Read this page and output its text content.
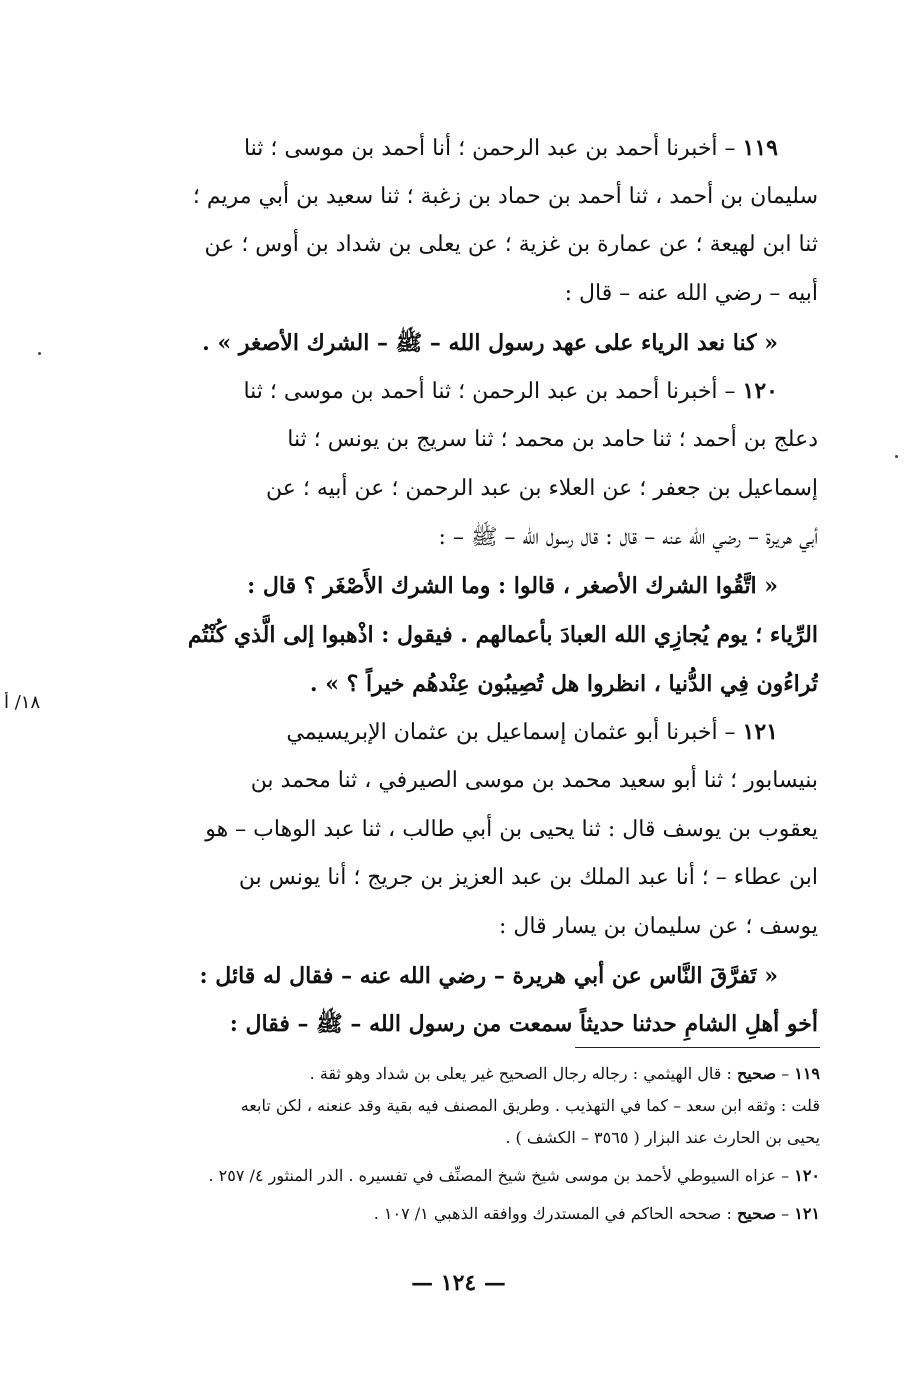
١١٩ – أخبرنا أحمد بن عبد الرحمن ؛ أنا أحمد بن موسى ؛ ثنا
سليمان بن أحمد ، ثنا أحمد بن حماد بن زغبة ؛ ثنا سعيد بن أبي مريم ؛
ثنا ابن لهيعة ؛ عن عمارة بن غزية ؛ عن يعلى بن شداد بن أوس ؛ عن
أبيه – رضي الله عنه – قال :
« كنا نعد الرياء على عهد رسول الله – ﷺ – الشرك الأصغر » .
١٢٠ – أخبرنا أحمد بن عبد الرحمن ؛ ثنا أحمد بن موسى ؛ ثنا
دعلج بن أحمد ؛ ثنا حامد بن محمد ؛ ثنا سريج بن يونس ؛ ثنا
إسماعيل بن جعفر ؛ عن العلاء بن عبد الرحمن ؛ عن أبيه ؛ عن
أبي هريرة – رضي الله عنه – قال : قال رسول الله – ﷺ – :
« اتَّقُوا الشرك الأصغر ، قالوا : وما الشرك الأَصْغَر ؟ قال :
الرِّياء ؛ يوم يُجازِي الله العبادَ بأعمالهم . فيقول : اذْهبوا إلى الَّذي كُنْتُم
تُراءُون فِي الدُّنيا ، انظروا هل تُصِيبُون عِنْدهُم خيراً ؟ » .
١٢١ – أخبرنا أبو عثمان إسماعيل بن عثمان الإبريسيمي
بنيسابور ؛ ثنا أبو سعيد محمد بن موسى الصيرفي ، ثنا محمد بن
يعقوب بن يوسف قال : ثنا يحيى بن أبي طالب ، ثنا عبد الوهاب – هو
ابن عطاء – ؛ أنا عبد الملك بن عبد العزيز بن جريج ؛ أنا يونس بن
يوسف ؛ عن سليمان بن يسار قال :
« تَفرَّقَ النَّاس عن أبي هريرة – رضي الله عنه – فقال له قائل :
أخو أهلِ الشامِ حدثنا حديثاً سمعت من رسول الله – ﷺ – فقال :
١٨/ أ
١١٩ – صحيح : قال الهيثمي : رجاله رجال الصحيح غير يعلى بن شداد وهو ثقة .
قلت : وثقه ابن سعد – كما في التهذيب . وطريق المصنف فيه بقية وقد عنعنه ، لكن تابعه
يحيى بن الحارث عند البزار ( ٣٥٦٥ – الكشف ) .
١٢٠ – عزاه السيوطي لأحمد بن موسى شيخ شيخ المصنِّف في تفسيره . الدر المنثور ٤/ ٢٥٧ .
١٢١ – صحيح : صححه الحاكم في المستدرك ووافقه الذهبي ١/ ١٠٧ .
— ١٢٤ —
